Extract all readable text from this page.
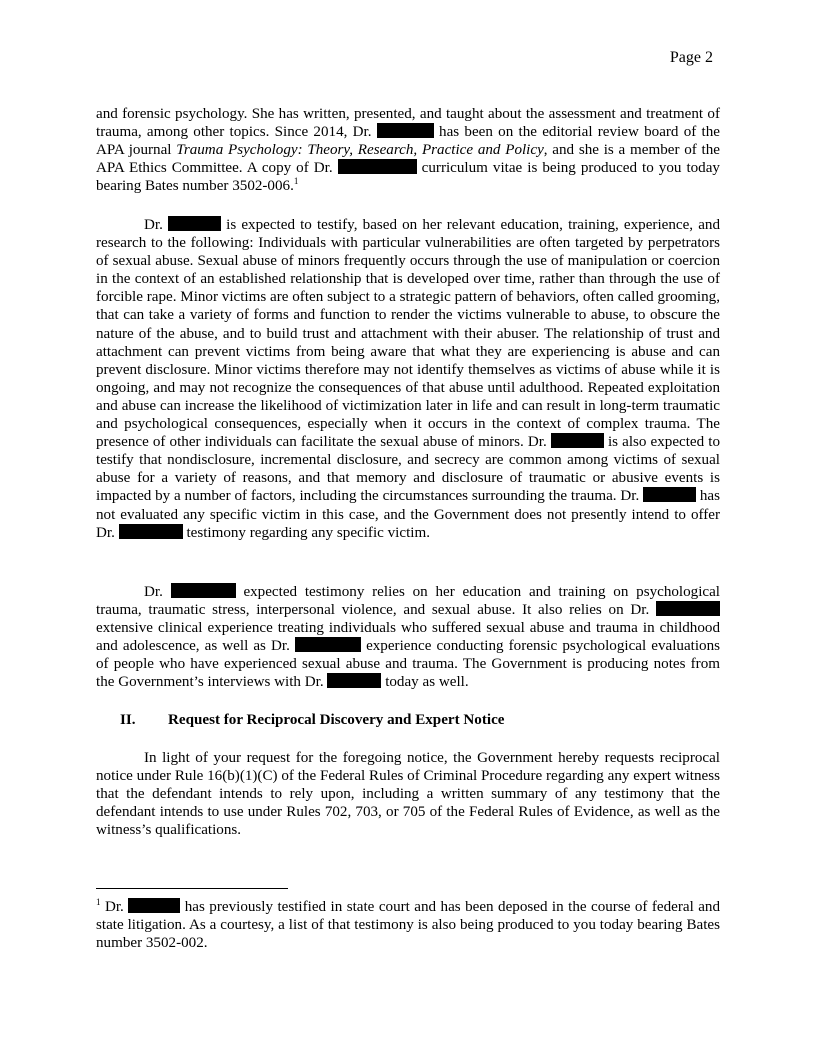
Page 2
and forensic psychology. She has written, presented, and taught about the assessment and treatment of trauma, among other topics. Since 2014, Dr.	has been on the editorial review board of the APA journal Trauma Psychology: Theory, Research, Practice and Policy, and she is a member of the APA Ethics Committee. A copy of Dr.	curriculum vitae is being produced to you today bearing Bates number 3502-006.$^1$
Dr.	is expected to testify, based on her relevant education, training, experience, and research to the following: Individuals with particular vulnerabilities are often targeted by perpetrators of sexual abuse. Sexual abuse of minors frequently occurs through the use of manipulation or coercion in the context of an established relationship that is developed over time, rather than through the use of forcible rape. Minor victims are often subject to a strategic pattern of behaviors, often called grooming, that can take a variety of forms and function to render the victims vulnerable to abuse, to obscure the nature of the abuse, and to build trust and attachment with their abuser. The relationship of trust and attachment can prevent victims from being aware that what they are experiencing is abuse and can prevent disclosure. Minor victims therefore may not identify themselves as victims of abuse while it is ongoing, and may not recognize the consequences of that abuse until adulthood. Repeated exploitation and abuse can increase the likelihood of victimization later in life and can result in long-term traumatic and psychological consequences, especially when it occurs in the context of complex trauma. The presence of other individuals can facilitate the sexual abuse of minors. Dr.	is also expected to testify that nondisclosure, incremental disclosure, and secrecy are common among victims of sexual abuse for a variety of reasons, and that memory and disclosure of traumatic or abusive events is impacted by a number of factors, including the circumstances surrounding the trauma. Dr.	has not evaluated any specific victim in this case, and the Government does not presently intend to offer Dr.	testimony regarding any specific victim.
Dr.	expected testimony relies on her education and training on psychological trauma, traumatic stress, interpersonal violence, and sexual abuse. It also relies on Dr.  extensive clinical experience treating individuals who suffered sexual abuse and trauma in childhood and adolescence, as well as Dr.	experience conducting forensic psychological evaluations of people who have experienced sexual abuse and trauma. The Government is producing notes from the Government’s interviews with Dr.	today as well.
II. Request for Reciprocal Discovery and Expert Notice
In light of your request for the foregoing notice, the Government hereby requests reciprocal notice under Rule 16(b)(1)(C) of the Federal Rules of Criminal Procedure regarding any expert witness that the defendant intends to rely upon, including a written summary of any testimony that the defendant intends to use under Rules 702, 703, or 705 of the Federal Rules of Evidence, as well as the witness’s qualifications.
$^1$ Dr.	has previously testified in state court and has been deposed in the course of federal and state litigation. As a courtesy, a list of that testimony is also being produced to you today bearing Bates number 3502-002.
